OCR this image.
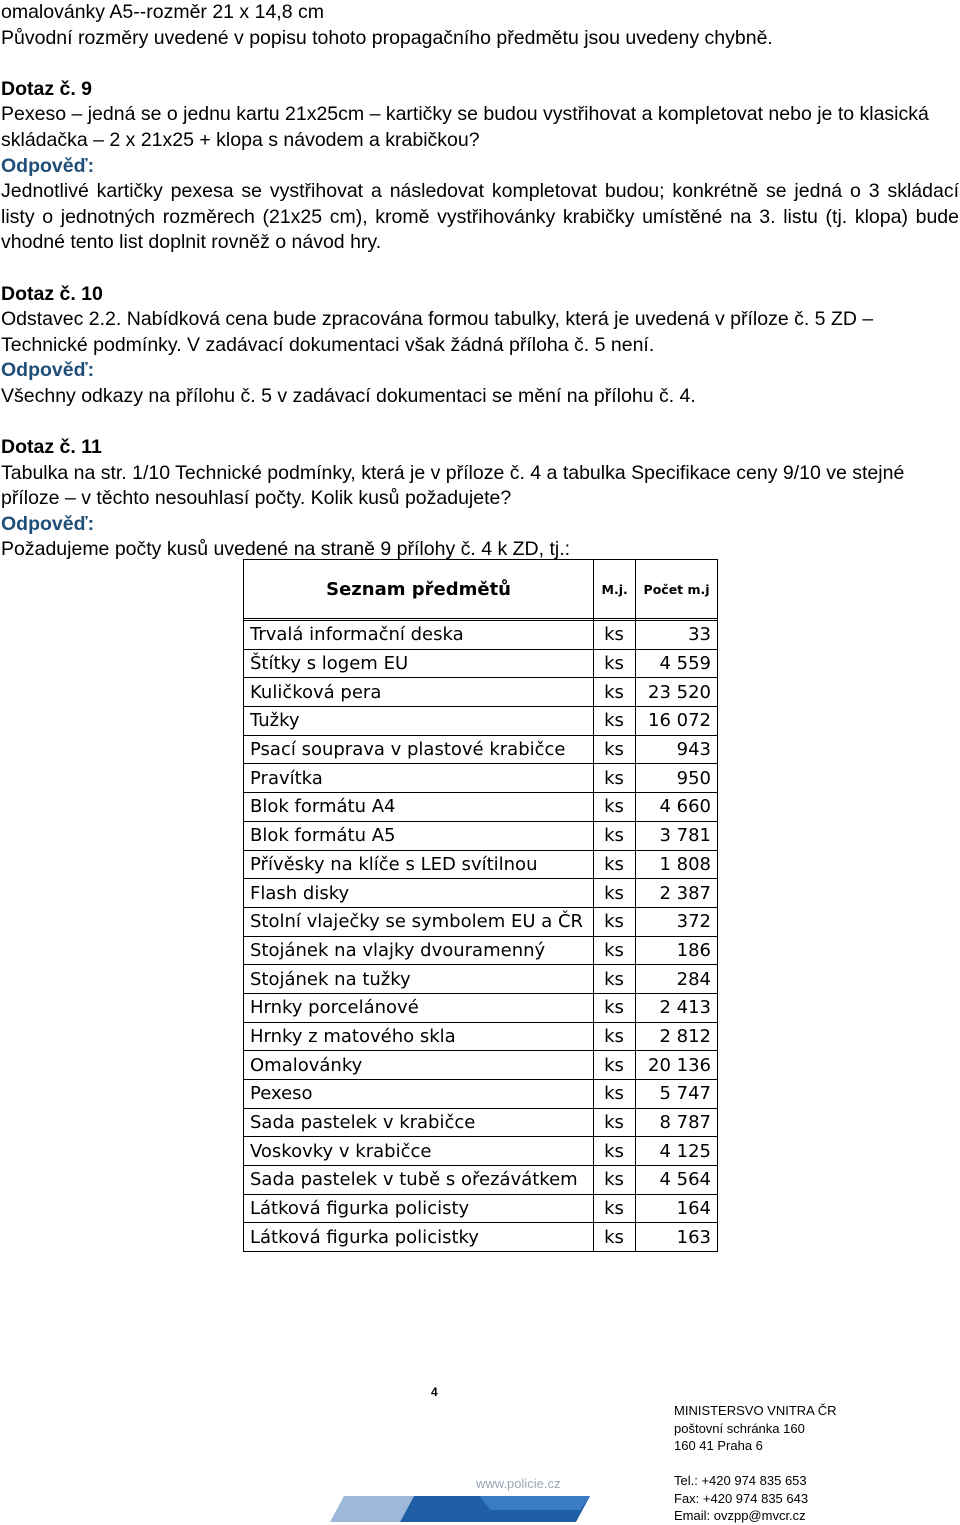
omalovánky A5--rozměr 21 x 14,8 cm

Původní rozměry uvedené v popisu tohoto propagačního předmětu jsou uvedeny chybně.

Dotaz č. 9

Pexeso – jedná se o jednu kartu 21x25cm – kartičky se budou vystřihovat a kompletovat nebo je to klasická skládačka – 2 x 21x25 + klopa s návodem a krabičkou?

Odpověď:

Jednotlivé kartičky pexesa se vystřihovat a následovat kompletovat budou; konkrétně se jedná o 3 skládací listy o jednotných rozměrech (21x25 cm), kromě vystřihovánky krabičky umístěné na 3. listu (tj. klopa) bude vhodné tento list doplnit rovněž o návod hry.

Dotaz č. 10

Odstavec 2.2. Nabídková cena bude zpracována formou tabulky, která je uvedená v příloze č. 5 ZD – Technické podmínky. V zadávací dokumentaci však žádná příloha č. 5 není.

Odpověď:

Všechny odkazy na přílohu č. 5 v zadávací dokumentaci se mění na přílohu č. 4.

Dotaz č. 11

Tabulka na str. 1/10 Technické podmínky, která je v příloze č. 4 a tabulka Specifikace ceny 9/10 ve stejné příloze – v těchto nesouhlasí počty. Kolik kusů požadujete?

Odpověď:

Požadujeme počty kusů uvedené na straně 9 přílohy č. 4 k ZD, tj.:

Seznam předmětů	M.j.	Počet m.j

Trvalá informační deska	ks	33
Štítky s logem EU	ks	4 559
Kuličková pera	ks	23 520
Tužky	ks	16 072
Psací souprava v plastové krabičce	ks	943
Pravítka	ks	950
Blok formátu A4	ks	4 660
Blok formátu A5	ks	3 781
Přívěsky na klíče s LED svítilnou	ks	1 808
Flash disky	ks	2 387
Stolní vlaječky se symbolem EU a ČR	ks	372
Stojánek na vlajky dvouramenný	ks	186
Stojánek na tužky	ks	284
Hrnky porcelánové	ks	2 413
Hrnky z matového skla	ks	2 812
Omalovánky	ks	20 136
Pexeso	ks	5 747
Sada pastelek v krabičce	ks	8 787
Voskovky v krabičce	ks	4 125
Sada pastelek v tubě s ořezávátkem	ks	4 564
Látková figurka policisty	ks	164
Látková figurka policistky	ks	163
4
www.policie.cz

MINISTERSVO VNITRA ČR

poštovní schránka 160

160 41 Praha 6

Tel.: +420 974 835 653

Fax: +420 974 835 643

Email: ovzpp@mvcr.cz
